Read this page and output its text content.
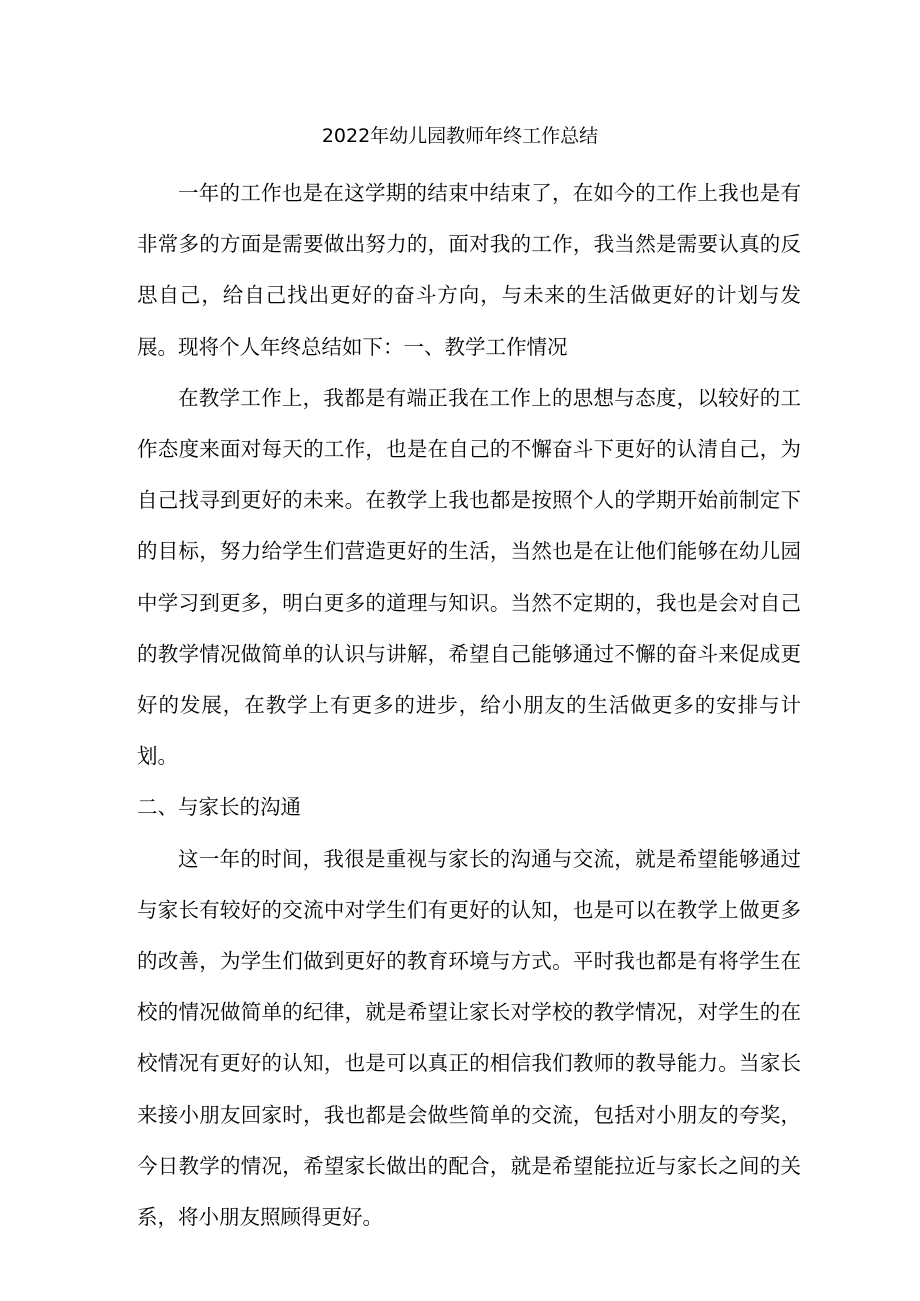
2022年幼儿园教师年终工作总结

一年的工作也是在这学期的结束中结束了，在如今的工作上我也是有非常多的方面是需要做出努力的，面对我的工作，我当然是需要认真的反思自己，给自己找出更好的奋斗方向，与未来的生活做更好的计划与发展。现将个人年终总结如下：一、教学工作情况

在教学工作上，我都是有端正我在工作上的思想与态度，以较好的工作态度来面对每天的工作，也是在自己的不懈奋斗下更好的认清自己，为自己找寻到更好的未来。在教学上我也都是按照个人的学期开始前制定下的目标，努力给学生们营造更好的生活，当然也是在让他们能够在幼儿园中学习到更多，明白更多的道理与知识。当然不定期的，我也是会对自己的教学情况做简单的认识与讲解，希望自己能够通过不懈的奋斗来促成更好的发展，在教学上有更多的进步，给小朋友的生活做更多的安排与计划。

二、与家长的沟通

这一年的时间，我很是重视与家长的沟通与交流，就是希望能够通过与家长有较好的交流中对学生们有更好的认知，也是可以在教学上做更多的改善，为学生们做到更好的教育环境与方式。平时我也都是有将学生在校的情况做简单的纪律，就是希望让家长对学校的教学情况，对学生的在校情况有更好的认知，也是可以真正的相信我们教师的教导能力。当家长来接小朋友回家时，我也都是会做些简单的交流，包括对小朋友的夸奖，今日教学的情况，希望家长做出的配合，就是希望能拉近与家长之间的关系，将小朋友照顾得更好。
